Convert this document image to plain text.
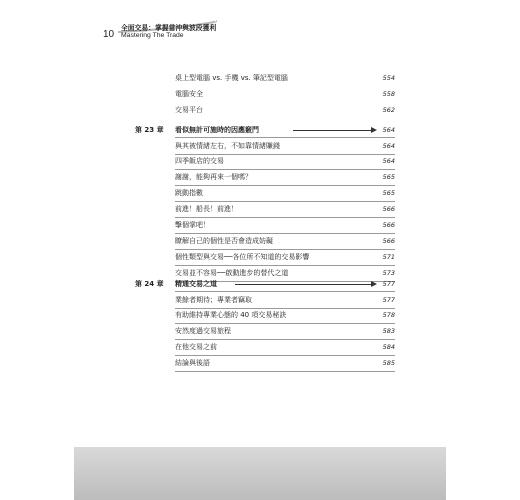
10
全面交易：掌握當沖與波段獲利
Mastering The Trade
桌上型電腦 vs. 手機 vs. 筆記型電腦	554
電腦安全	558
交易平台	562
第 23 章 看似無計可施時的因應竅門	564
與其被情緒左右，不如靠情緒賺錢	564
四季飯店的交易	564
謝謝，能夠再來一個嗎？	565
跳動指數	565
前進！船長！前進！	566
擊個掌吧！	566
瞭解自己的個性是否會造成妨礙	566
個性類型與交易──各位所不知道的交易影響	571
交易並不容易──啟動進步的替代之道	573
第 24 章 精通交易之道	577
業餘者期待；專業者竊取	577
有助維持專業心態的 40 項交易秘訣	578
安然度過交易旅程	583
在他交易之前	584
結論與後語	585
